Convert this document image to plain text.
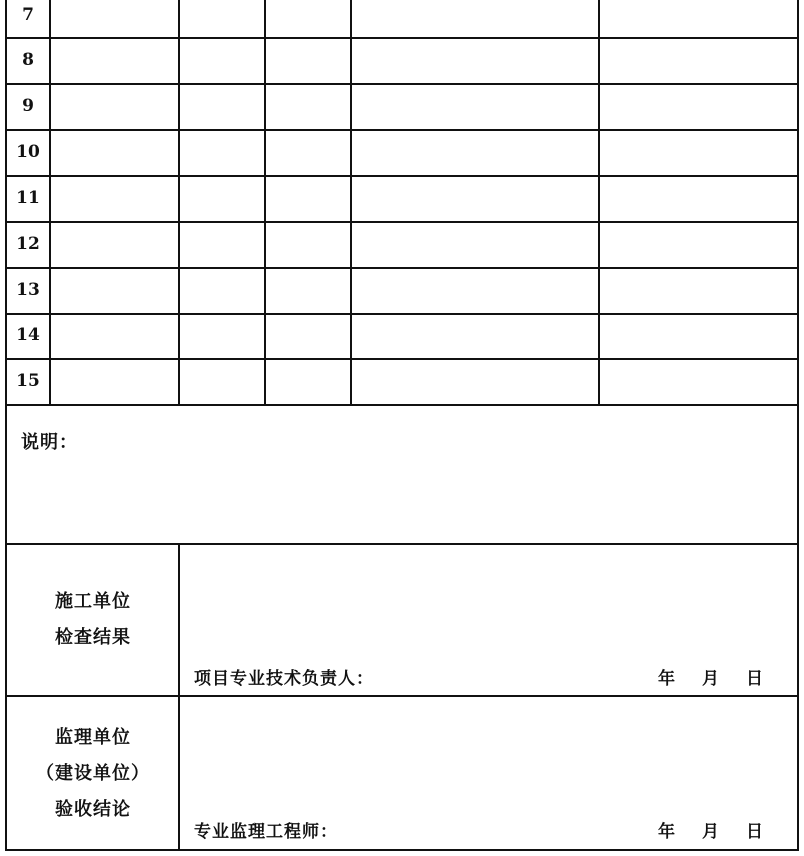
7
8
9
10
11
12
13
14
15
说明：
施工单位
检查结果
项目专业技术负责人：	年 月 日
监理单位
（建设单位）
验收结论
专业监理工程师：	年 月 日
